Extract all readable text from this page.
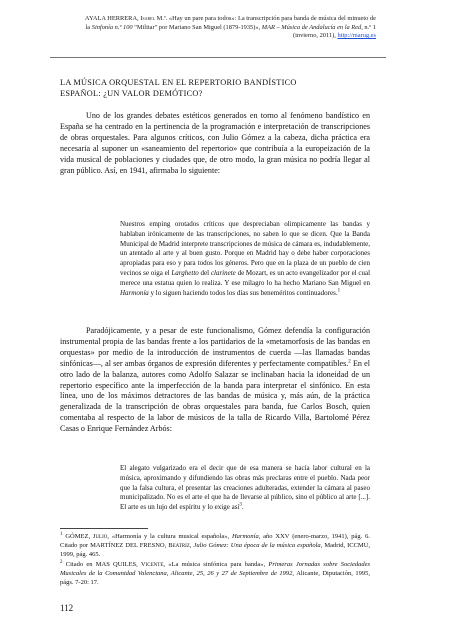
AYALA HERRERA, Isabel M.ª. «Hay un pare para todos»: La transcripción para banda de música del minueto de la Sinfonía n.º 100 "Militar" por Mariano San Miguel (1879-1935)», MAR – Música de Andalucía en la Red, n.º 1 (invierno, 2011), http://marug.es
LA MÚSICA ORQUESTAL EN EL REPERTORIO BANDÍSTICO
ESPAÑOL: ¿UN VALOR DEMÓTICO?
Uno de los grandes debates estéticos generados en torno al fenómeno bandístico en España se ha centrado en la pertinencia de la programación e interpretación de transcripciones de obras orquestales. Para algunos críticos, con Julio Gómez a la cabeza, dicha práctica era necesaria al suponer un «saneamiento del repertorio» que contribuía a la europeización de la vida musical de poblaciones y ciudades que, de otro modo, la gran música no podría llegar al gran público. Así, en 1941, afirmaba lo siguiente:
Nuestros emping orotados críticos que despreciaban olimpicamente las bandas y hablaban irónicamente de las transcripciones, no saben lo que se dicen. Que la Banda Municipal de Madrid interprete transcripciones de música de cámara es, indudablemente, un atentado al arte y al buen gusto. Porque en Madrid hay o debe haber corporaciones apropiadas para eso y para todos los géneros. Pero que en la plaza de un pueblo de cien vecinos se oiga el Larghetto del clarinete de Mozart, es un acto evangelizador por el cual merece una estatua quien lo realiza. Y ese milagro lo ha hecho Mariano San Miguel en Harmonía y lo siguen haciendo todos los días sus beneméritos continuadores.$^1$
Paradójicamente, y a pesar de este funcionalismo, Gómez defendía la configuración instrumental propia de las bandas frente a los partidarios de la «metamorfosis de las bandas en orquestas» por medio de la introducción de instrumentos de cuerda —las llamadas bandas sinfónicas—, al ser ambas órganos de expresión diferentes y perfectamente compatibles.$^2$ En el otro lado de la balanza, autores como Adolfo Salazar se inclinaban hacia la idoneidad de un repertorio específico ante la imperfección de la banda para interpretar el sinfónico. En esta línea, uno de los máximos detractores de las bandas de música y, más aún, de la práctica generalizada de la transcripción de obras orquestales para banda, fue Carlos Bosch, quien comentaba al respecto de la labor de músicos de la talla de Ricardo Villa, Bartolomé Pérez Casas o Enrique Fernández Arbós:
El alegato vulgarizado era el decir que de esa manera se hacía labor cultural en la música, aproximando y difundiendo las obras más preclaras entre el pueblo. Nada peor que la falsa cultura, el presentar las creaciones adulteradas, extender la cámara al paseo municipalizado. No es el arte el que ha de llevarse al público, sino el público al arte [...]. El arte es un lujo del espíritu y lo exige así$^3$.
$^1$ GÓMEZ, Julio, «Harmonía y la cultura musical española», Harmonía, año XXV (enero-marzo, 1941), pág. 6. Citado por MARTÍNEZ DEL FRESNO, Beatriz, Julio Gómez: Una época de la música española, Madrid, ICCMU, 1999, pág. 465.
$^2$ Citado en MAS QUILES, Vicente, «La música sinfónica para banda», Primeras Jornadas sobre Sociedades Musicales de la Comunidad Valenciana, Alicante, 25, 26 y 27 de Septiembre de 1992, Alicante, Diputación, 1995, págs. 7-20: 17.
112
